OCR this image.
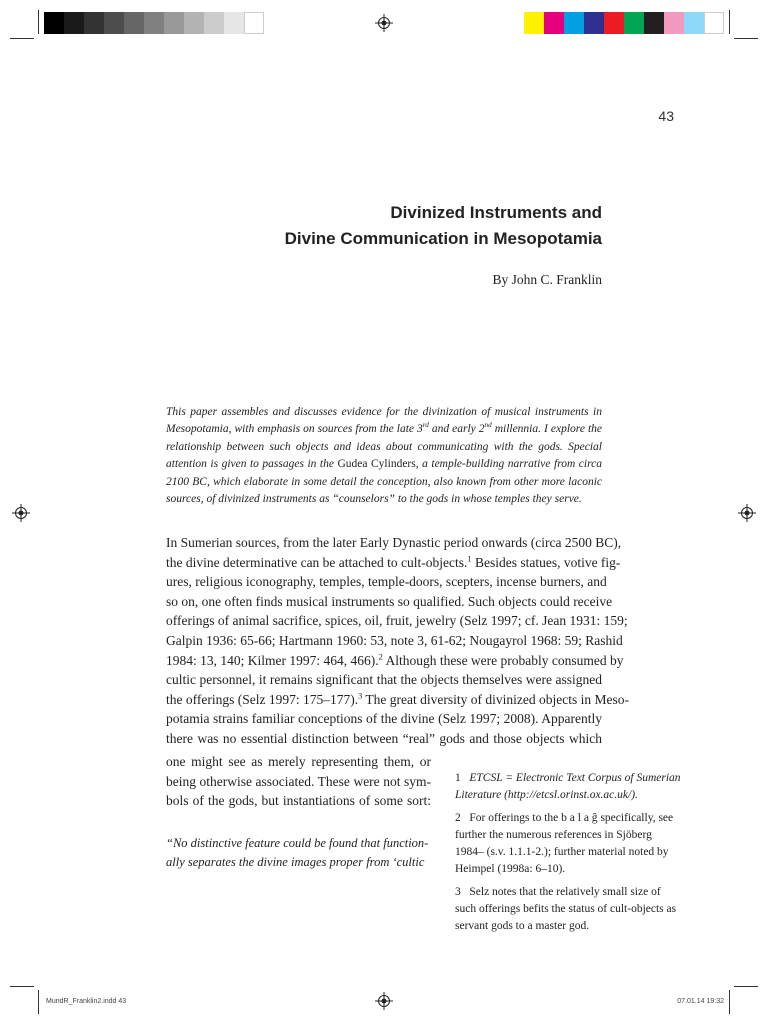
43
Divinized Instruments and
Divine Communication in Mesopotamia
By John C. Franklin
This paper assembles and discusses evidence for the divinization of musical instruments in Mesopotamia, with emphasis on sources from the late 3rd and early 2nd millennia. I explore the relationship between such objects and ideas about communicating with the gods. Special attention is given to passages in the Gudea Cylinders, a temple-building narrative from circa 2100 BC, which elaborate in some detail the conception, also known from other more laconic sources, of divinized instruments as “counselors” to the gods in whose temples they serve.
In Sumerian sources, from the later Early Dynastic period onwards (circa 2500 BC),
the divine determinative can be attached to cult-objects.$^1$ Besides statues, votive fig-
ures, religious iconography, temples, temple-doors, scepters, incense burners, and
so on, one often finds musical instruments so qualified. Such objects could receive
offerings of animal sacrifice, spices, oil, fruit, jewelry (Selz 1997; cf. Jean 1931: 159;
Galpin 1936: 65-66; Hartmann 1960: 53, note 3, 61-62; Nougayrol 1968: 59; Rashid
1984: 13, 140; Kilmer 1997: 464, 466).$^2$ Although these were probably consumed by
cultic personnel, it remains significant that the objects themselves were assigned
the offerings (Selz 1997: 175–177).$^3$ The great diversity of divinized objects in Meso-
potamia strains familiar conceptions of the divine (Selz 1997; 2008). Apparently
there was no essential distinction between “real” gods and those objects which
one might see as merely representing them, or
being otherwise associated. These were not sym-
bols of the gods, but instantiations of some sort:
“No distinctive feature could be found that function-
ally separates the divine images proper from ‘cultic
1 ETCSL = Electronic Text Corpus of Sumerian
Literature (http://etcsl.orinst.ox.ac.uk/).
2 For offerings to the b a l a ĝ specifically, see
further the numerous references in Sjöberg
1984– (s.v. 1.1.1-2.); further material noted by
Heimpel (1998a: 6–10).
3 Selz notes that the relatively small size of
such offerings befits the status of cult-objects as
servant gods to a master god.
MundR_Franklin2.indd 43	07.01.14 19:32
